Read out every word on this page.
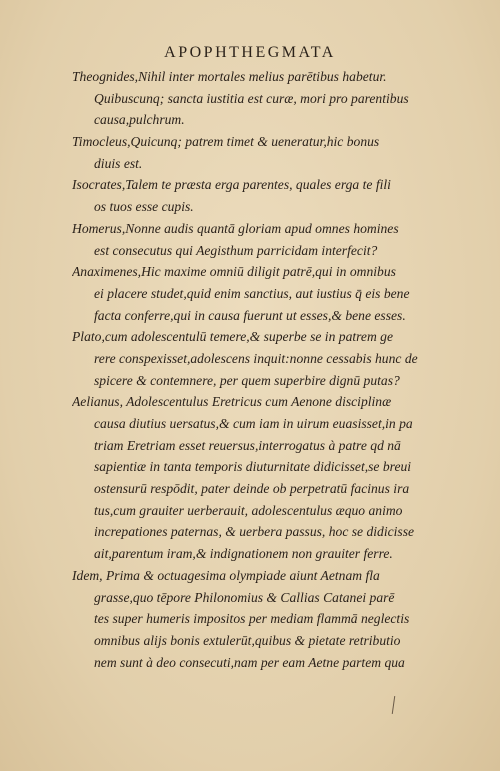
APOPHTHEGMATA
Theognides,Nihil inter mortales melius parētibus habetur.
Quibuscunq; sancta iustitia est curæ, mori pro parentibus
causa,pulchrum.
Timocleus,Quicunq; patrem timet & ueneratur,hic bonus
diuis est.
Isocrates,Talem te præsta erga parentes, quales erga te fili
os tuos esse cupis.
Homerus,Nonne audis quantā gloriam apud omnes homines
est consecutus qui Aegisthum parricidam interfecit?
Anaximenes,Hic maxime omniū diligit patrē,qui in omnibus
ei placere studet,quid enim sanctius, aut iustius q̄ eis bene
facta conferre,qui in causa fuerunt ut esses,& bene esses.
Plato,cum adolescentulū temere,& superbe se in patrem ge
rere conspexisset,adolescens inquit:nonne cessabis hunc de
spicere & contemnere, per quem superbire dignū putas?
Aelianus, Adolescentulus Eretricus cum Aenone disciplinæ
causa diutius uersatus,& cum iam in uirum euasisset,in pa
triam Eretriam esset reuersus,interrogatus à patre qd nā
sapientiæ in tanta temporis diuturnitate didicisset,se breui
ostensurū respōdit, pater deinde ob perpetratū facinus ira
tus,cum grauiter uerberauit, adolescentulus æquo animo
increpationes paternas, & uerbera passus, hoc se didicisse
ait,parentum iram,& indignationem non grauiter ferre.
Idem, Prima & octuagesima olympiade aiunt Aetnam fla
grasse,quo tēpore Philonomius & Callias Catanei parē
tes super humeris impositos per mediam flammā neglectis
omnibus alijs bonis extulerūt,quibus & pietate retributio
nem sunt à deo consecuti,nam per eam Aetne partem qua
